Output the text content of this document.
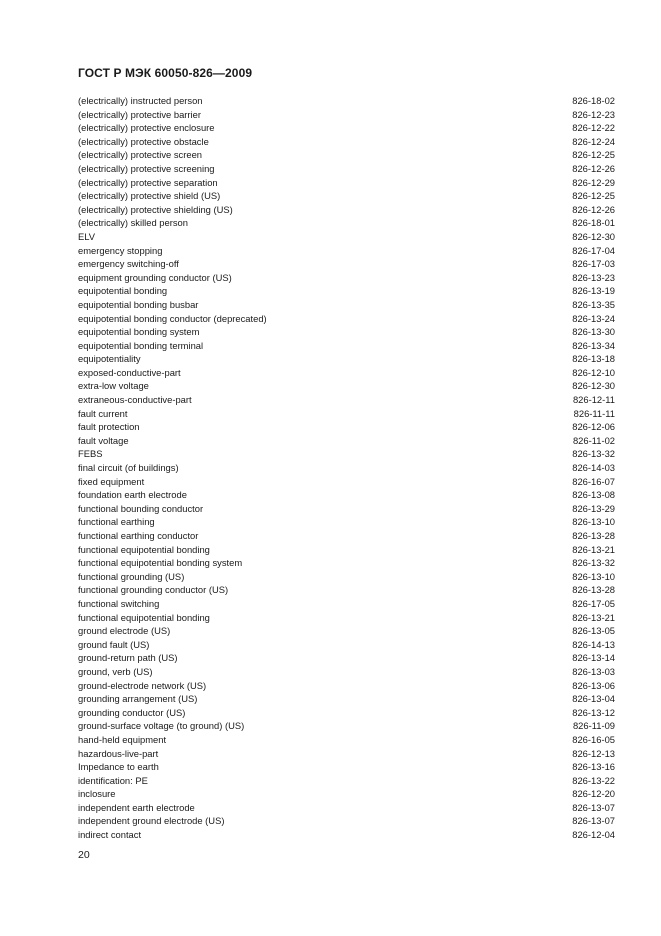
ГОСТ Р МЭК 60050-826—2009
(electrically) instructed person	826-18-02
(electrically) protective barrier	826-12-23
(electrically) protective enclosure	826-12-22
(electrically) protective obstacle	826-12-24
(electrically) protective screen	826-12-25
(electrically) protective screening	826-12-26
(electrically) protective separation	826-12-29
(electrically) protective shield (US)	826-12-25
(electrically) protective shielding (US)	826-12-26
(electrically) skilled person	826-18-01
ELV	826-12-30
emergency stopping	826-17-04
emergency switching-off	826-17-03
equipment grounding conductor (US)	826-13-23
equipotential bonding	826-13-19
equipotential bonding busbar	826-13-35
equipotential bonding conductor (deprecated)	826-13-24
equipotential bonding system	826-13-30
equipotential bonding terminal	826-13-34
equipotentiality	826-13-18
exposed-conductive-part	826-12-10
extra-low voltage	826-12-30
extraneous-conductive-part	826-12-11
fault current	826-11-11
fault protection	826-12-06
fault voltage	826-11-02
FEBS	826-13-32
final circuit (of buildings)	826-14-03
fixed equipment	826-16-07
foundation earth electrode	826-13-08
functional bounding conductor	826-13-29
functional earthing	826-13-10
functional earthing conductor	826-13-28
functional equipotential bonding	826-13-21
functional equipotential bonding system	826-13-32
functional grounding (US)	826-13-10
functional grounding conductor (US)	826-13-28
functional switching	826-17-05
functional equipotential bonding	826-13-21
ground electrode (US)	826-13-05
ground fault (US)	826-14-13
ground-return path (US)	826-13-14
ground, verb (US)	826-13-03
ground-electrode network (US)	826-13-06
grounding arrangement (US)	826-13-04
grounding conductor (US)	826-13-12
ground-surface voltage (to ground) (US)	826-11-09
hand-held equipment	826-16-05
hazardous-live-part	826-12-13
Impedance to earth	826-13-16
identification: PE	826-13-22
inclosure	826-12-20
independent earth electrode	826-13-07
independent ground electrode (US)	826-13-07
indirect contact	826-12-04
20
